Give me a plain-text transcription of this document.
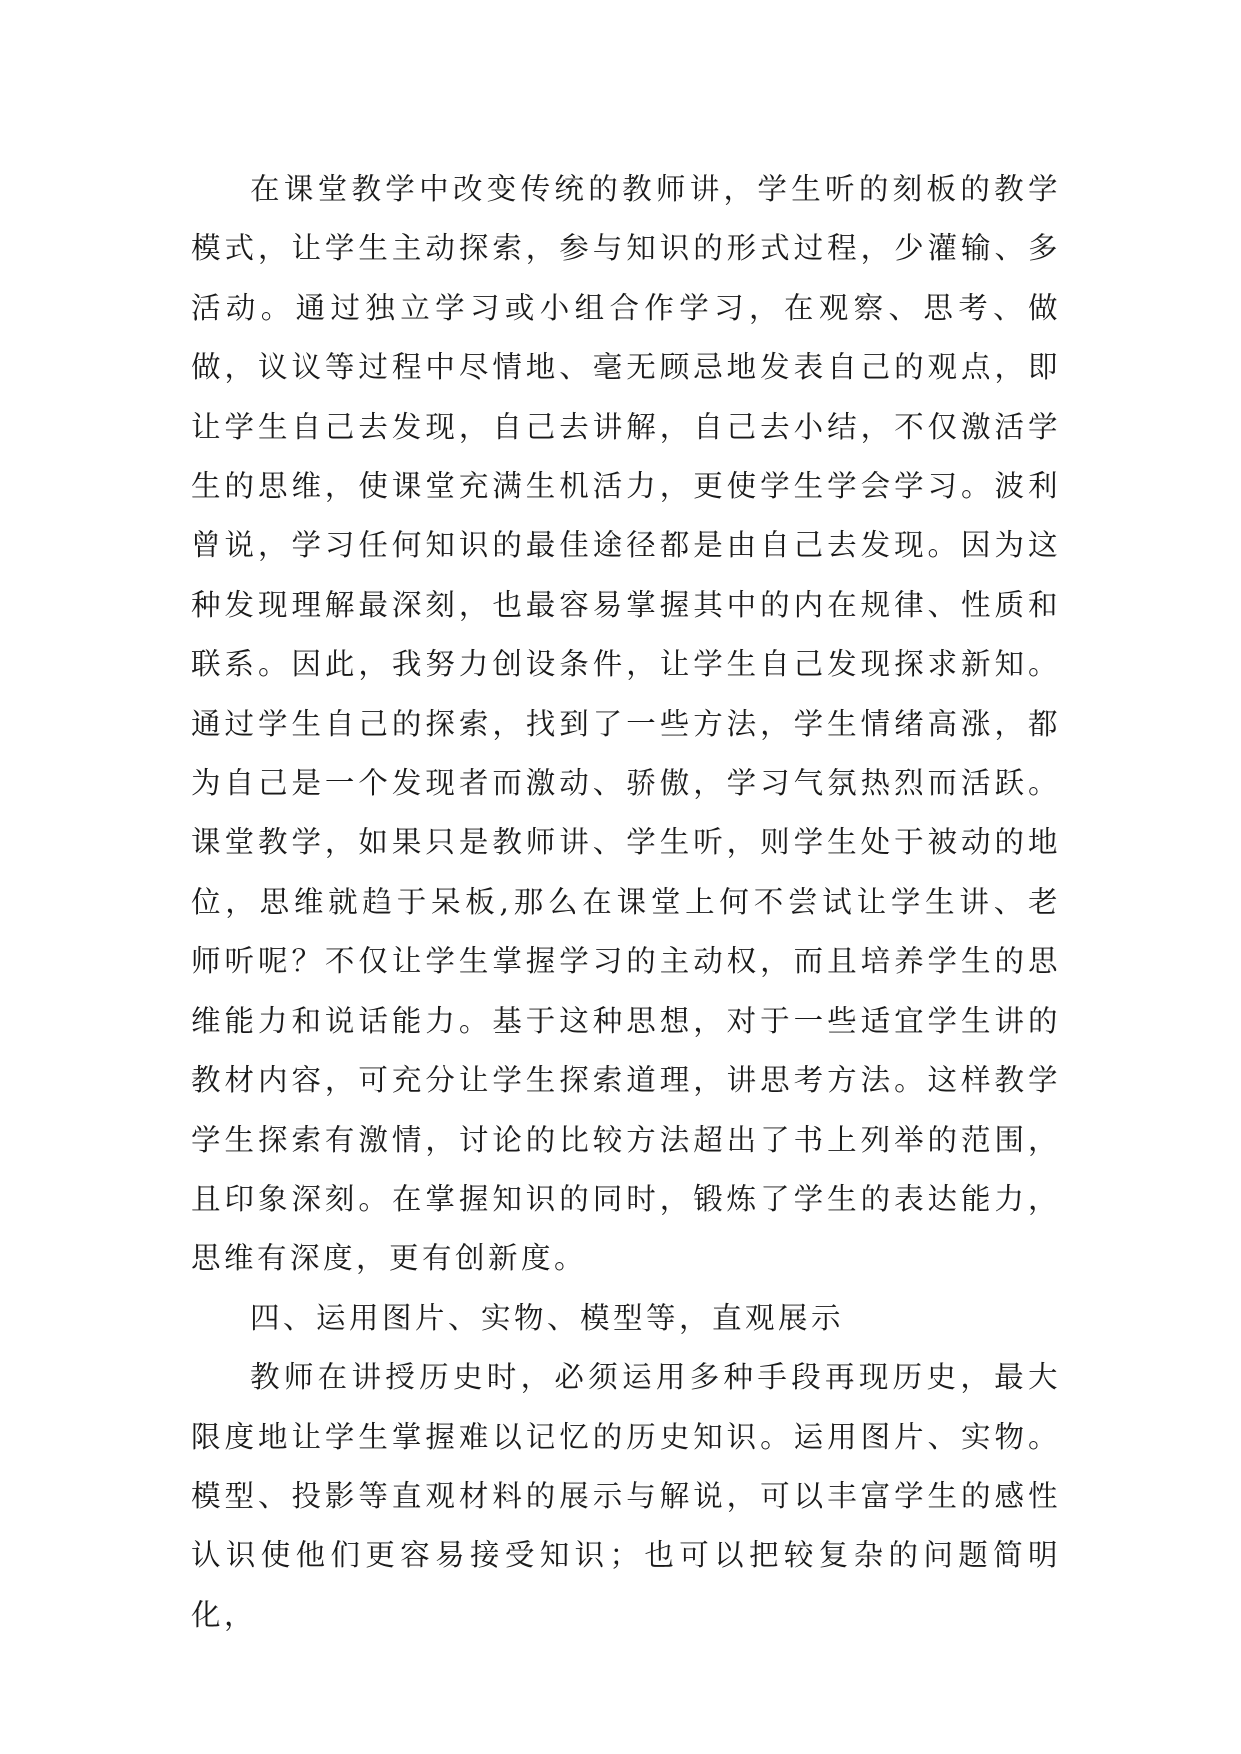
在课堂教学中改变传统的教师讲，学生听的刻板的教学模式，让学生主动探索，参与知识的形式过程，少灌输、多活动。通过独立学习或小组合作学习，在观察、思考、做做，议议等过程中尽情地、毫无顾忌地发表自己的观点，即让学生自己去发现，自己去讲解，自己去小结，不仅激活学生的思维，使课堂充满生机活力，更使学生学会学习。波利曾说，学习任何知识的最佳途径都是由自己去发现。因为这种发现理解最深刻，也最容易掌握其中的内在规律、性质和联系。因此，我努力创设条件，让学生自己发现探求新知。通过学生自己的探索，找到了一些方法，学生情绪高涨，都为自己是一个发现者而激动、骄傲，学习气氛热烈而活跃。课堂教学，如果只是教师讲、学生听，则学生处于被动的地位，思维就趋于呆板,那么在课堂上何不尝试让学生讲、老师听呢？不仅让学生掌握学习的主动权，而且培养学生的思维能力和说话能力。基于这种思想，对于一些适宜学生讲的教材内容，可充分让学生探索道理，讲思考方法。这样教学学生探索有激情，讨论的比较方法超出了书上列举的范围，且印象深刻。在掌握知识的同时，锻炼了学生的表达能力，思维有深度，更有创新度。

四、运用图片、实物、模型等，直观展示

教师在讲授历史时，必须运用多种手段再现历史，最大限度地让学生掌握难以记忆的历史知识。运用图片、实物。模型、投影等直观材料的展示与解说，可以丰富学生的感性认识使他们更容易接受知识；也可以把较复杂的问题简明化，
